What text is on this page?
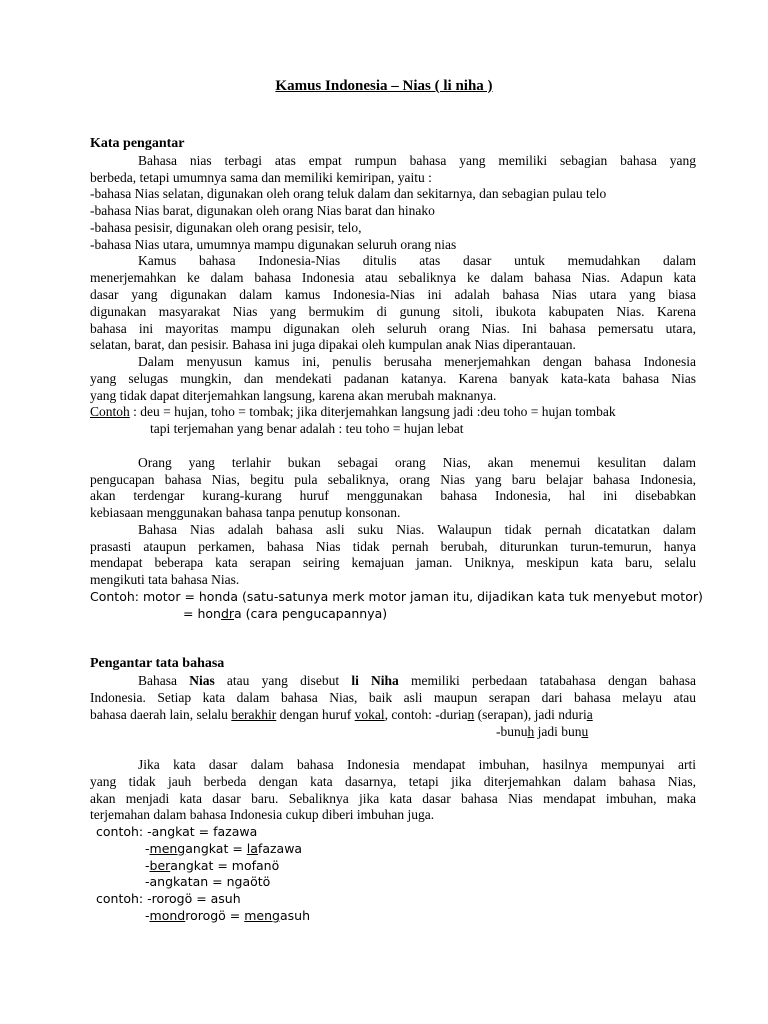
Kamus Indonesia – Nias ( li niha )
Kata pengantar
Bahasa nias terbagi atas empat rumpun bahasa yang memiliki sebagian bahasa yang
berbeda, tetapi umumnya sama dan memiliki kemiripan, yaitu :
-bahasa Nias selatan, digunakan oleh orang teluk dalam dan sekitarnya, dan sebagian pulau telo
-bahasa Nias barat, digunakan oleh orang Nias barat dan hinako
-bahasa pesisir, digunakan oleh orang pesisir, telo,
-bahasa Nias utara, umumnya mampu digunakan seluruh orang nias
Kamus bahasa Indonesia-Nias ditulis atas dasar untuk memudahkan dalam
menerjemahkan ke dalam bahasa Indonesia atau sebaliknya ke dalam bahasa Nias. Adapun kata
dasar yang digunakan dalam kamus Indonesia-Nias ini adalah bahasa Nias utara yang biasa
digunakan masyarakat Nias yang bermukim di gunung sitoli, ibukota kabupaten Nias. Karena
bahasa ini mayoritas mampu digunakan oleh seluruh orang Nias. Ini bahasa pemersatu utara,
selatan, barat, dan pesisir. Bahasa ini juga dipakai oleh kumpulan anak Nias diperantauan.
Dalam menyusun kamus ini, penulis berusaha menerjemahkan dengan bahasa Indonesia
yang selugas mungkin, dan mendekati padanan katanya. Karena banyak kata-kata bahasa Nias
yang tidak dapat diterjemahkan langsung, karena akan merubah maknanya.
Contoh : deu = hujan, toho = tombak; jika diterjemahkan langsung jadi :deu toho = hujan tombak
tapi terjemahan yang benar adalah : teu toho = hujan lebat
Orang yang terlahir bukan sebagai orang Nias, akan menemui kesulitan dalam
pengucapan bahasa Nias, begitu pula sebaliknya, orang Nias yang baru belajar bahasa Indonesia,
akan terdengar kurang-kurang huruf menggunakan bahasa Indonesia, hal ini disebabkan
kebiasaan menggunakan bahasa tanpa penutup konsonan.
Bahasa Nias adalah bahasa asli suku Nias. Walaupun tidak pernah dicatatkan dalam
prasasti ataupun perkamen, bahasa Nias tidak pernah berubah, diturunkan turun-temurun, hanya
mendapat beberapa kata serapan seiring kemajuan jaman. Uniknya, meskipun kata baru, selalu
mengikuti tata bahasa Nias.
Contoh: motor = honda (satu-satunya merk motor jaman itu, dijadikan kata tuk menyebut motor)
= hondra (cara pengucapannya)
Pengantar tata bahasa
Bahasa Nias atau yang disebut li Niha memiliki perbedaan tatabahasa dengan bahasa
Indonesia. Setiap kata dalam bahasa Nias, baik asli maupun serapan dari bahasa melayu atau
bahasa daerah lain, selalu berakhir dengan huruf vokal, contoh: -durian (serapan), jadi nduria
-bunuh jadi bunu
Jika kata dasar dalam bahasa Indonesia mendapat imbuhan, hasilnya mempunyai arti
yang tidak jauh berbeda dengan kata dasarnya, tetapi jika diterjemahkan dalam bahasa Nias,
akan menjadi kata dasar baru. Sebaliknya jika kata dasar bahasa Nias mendapat imbuhan, maka
terjemahan dalam bahasa Indonesia cukup diberi imbuhan juga.
contoh: -angkat = fazawa
-mengangkat = lafazawa
-berangkat = mofanö
-angkatan = ngaötö
contoh: -rorogö = asuh
-mondrorogö = mengasuh
